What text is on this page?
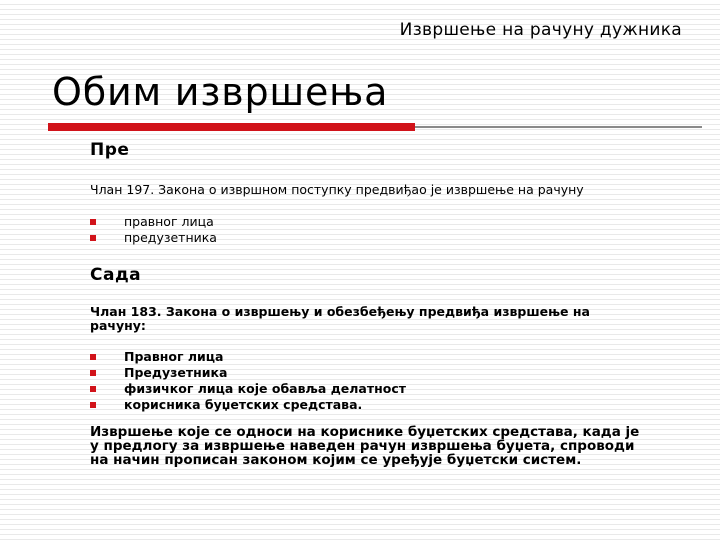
Извршење на рачуну дужника
Обим извршења

Пре

Члан 197. Закона о извршном поступку предвиђао је извршење на рачуну

правног лица
предузетника

Сада

Члан 183. Закона о извршењу и обезбеђењу предвиђа извршење на

рачуну:

Правног лица
Предузетника
физичког лица које обавља делатност
корисника буџетских средстава.

Извршење које се односи на кориснике буџетских средстава, када је

у предлогу за извршење наведен рачун извршења буџета, спроводи

на начин прописан законом којим се уређује буџетски систем.
